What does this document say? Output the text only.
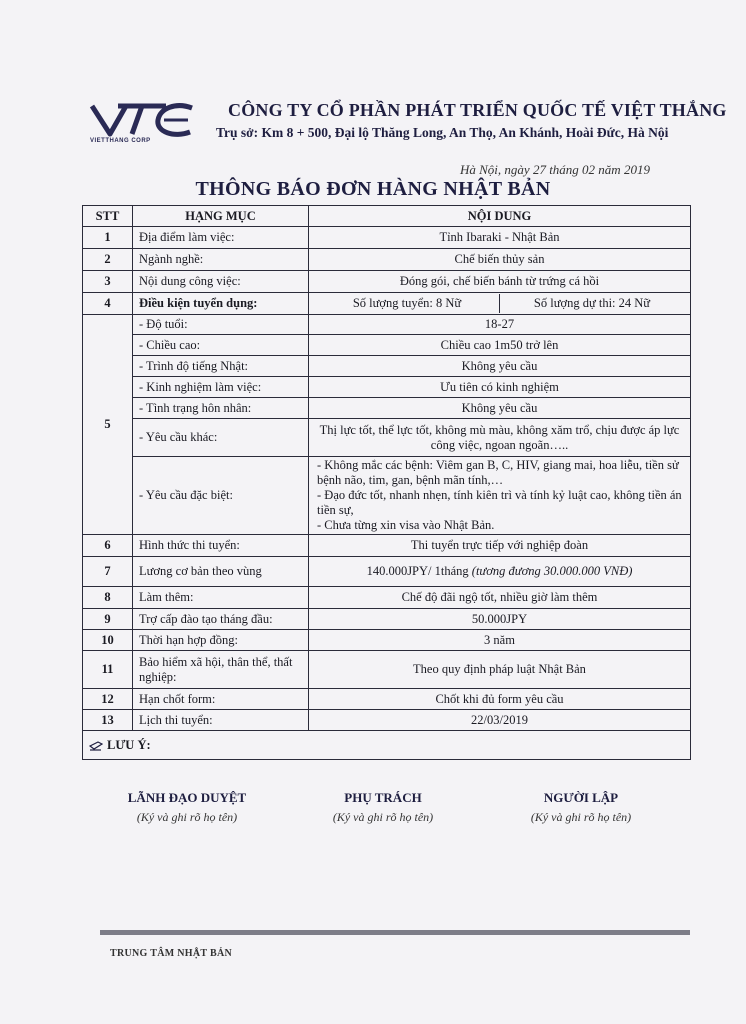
VIETTHANG CORP
CÔNG TY CỔ PHẦN PHÁT TRIỂN QUỐC TẾ VIỆT THẮNG
Trụ sở: Km 8 + 500, Đại lộ Thăng Long, An Thọ, An Khánh, Hoài Đức, Hà Nội
Hà Nội, ngày 27 tháng 02 năm 2019
THÔNG BÁO ĐƠN HÀNG NHẬT BẢN
STT	HẠNG MỤC	NỘI DUNG
1	Địa điểm làm việc:	Tỉnh Ibaraki - Nhật Bản
2	Ngành nghề:	Chế biến thủy sản
3	Nội dung công việc:	Đóng gói, chế biến bánh từ trứng cá hồi
4	Điều kiện tuyển dụng:	Số lượng tuyển: 8 Nữ Số lượng dự thi: 24 Nữ

5	- Độ tuổi:	18-27
	- Chiều cao:	Chiều cao 1m50 trở lên
	- Trình độ tiếng Nhật:	Không yêu cầu
	- Kinh nghiệm làm việc:	Ưu tiên có kinh nghiệm
	- Tình trạng hôn nhân:	Không yêu cầu
	- Yêu cầu khác:	Thị lực tốt, thể lực tốt, không mù màu, không xăm trổ, chịu được áp lực công việc, ngoan ngoãn…..
	- Yêu cầu đặc biệt:	- Không mắc các bệnh: Viêm gan B, C, HIV, giang mai, hoa liễu, tiền sử bệnh não, tim, gan, bệnh mãn tính,…
- Đạo đức tốt, nhanh nhẹn, tính kiên trì và tính kỷ luật cao, không tiền án tiền sự,
- Chưa từng xin visa vào Nhật Bản.

6	Hình thức thi tuyển:	Thi tuyển trực tiếp với nghiệp đoàn
7	Lương cơ bản theo vùng	140.000JPY/ 1tháng (tương đương 30.000.000 VNĐ)
8	Làm thêm:	Chế độ đãi ngộ tốt, nhiều giờ làm thêm
9	Trợ cấp đào tạo tháng đầu:	50.000JPY
10	Thời hạn hợp đồng:	3 năm
11	Bảo hiểm xã hội, thân thể, thất nghiệp:	Theo quy định pháp luật Nhật Bản
12	Hạn chốt form:	Chốt khi đủ form yêu cầu
13	Lịch thi tuyển:	22/03/2019
LƯU Ý:		
LÃNH ĐẠO DUYỆT
(Ký và ghi rõ họ tên)
PHỤ TRÁCH
(Ký và ghi rõ họ tên)
NGƯỜI LẬP
(Ký và ghi rõ họ tên)
TRUNG TÂM NHẬT BẢN
